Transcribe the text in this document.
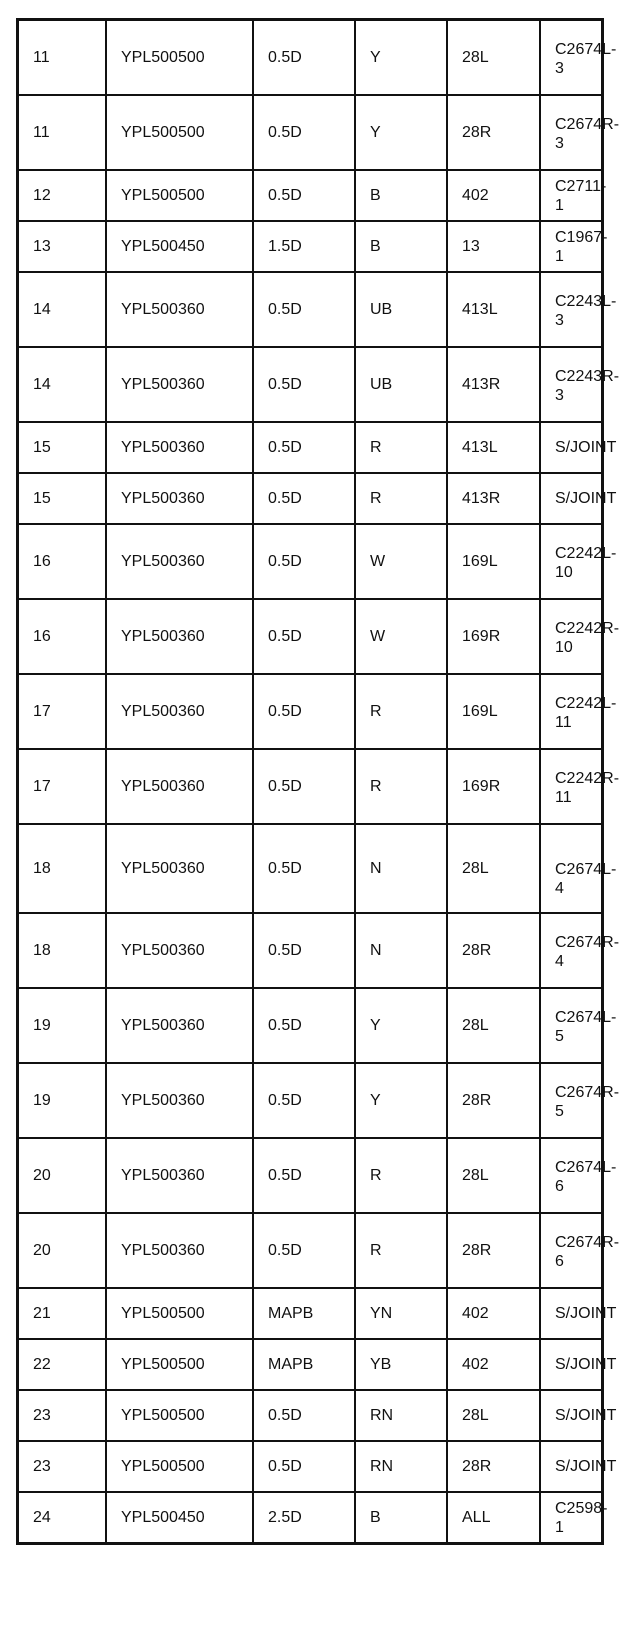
11	YPL500500	0.5D	Y	28L	C2674L-
3
11	YPL500500	0.5D	Y	28R	C2674R-
3
12	YPL500500	0.5D	B	402	C2711-1
13	YPL500450	1.5D	B	13	C1967-1
14	YPL500360	0.5D	UB	413L	C2243L-
3
14	YPL500360	0.5D	UB	413R	C2243R-
3
15	YPL500360	0.5D	R	413L	S/JOINT
15	YPL500360	0.5D	R	413R	S/JOINT
16	YPL500360	0.5D	W	169L	C2242L-
10
16	YPL500360	0.5D	W	169R	C2242R-
10
17	YPL500360	0.5D	R	169L	C2242L-
11
17	YPL500360	0.5D	R	169R	C2242R-
11
18	YPL500360	0.5D	N	28L	C2674L-
4
18	YPL500360	0.5D	N	28R	C2674R-
4
19	YPL500360	0.5D	Y	28L	C2674L-
5
19	YPL500360	0.5D	Y	28R	C2674R-
5
20	YPL500360	0.5D	R	28L	C2674L-
6
20	YPL500360	0.5D	R	28R	C2674R-
6
21	YPL500500	MAPB	YN	402	S/JOINT
22	YPL500500	MAPB	YB	402	S/JOINT
23	YPL500500	0.5D	RN	28L	S/JOINT
23	YPL500500	0.5D	RN	28R	S/JOINT
24	YPL500450	2.5D	B	ALL	C2598-1
